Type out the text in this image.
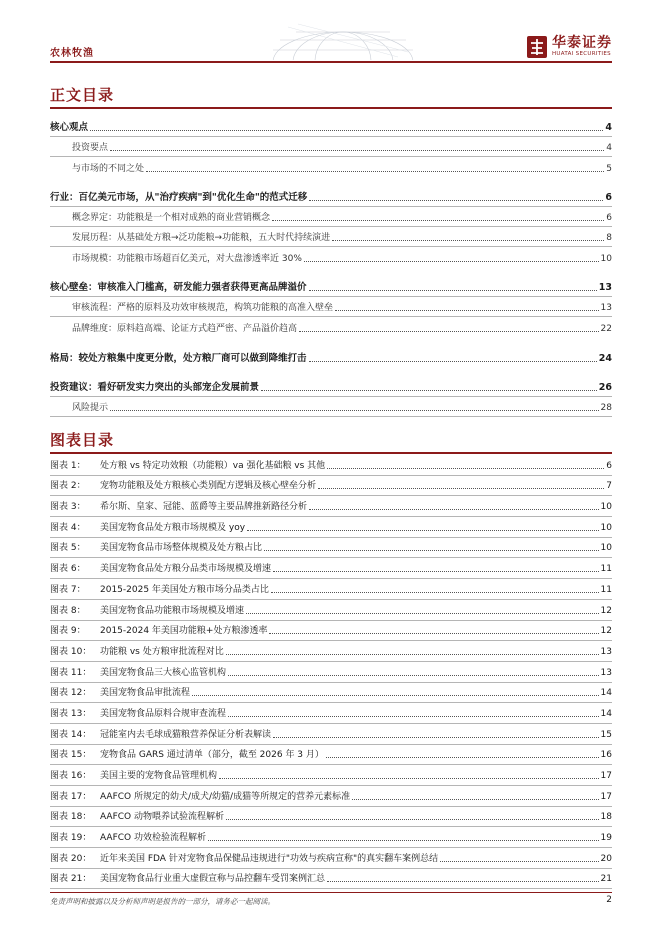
农林牧渔
华泰证券
HUATAI SECURITIES
正文目录
核心观点	4
投资要点	4
与市场的不同之处	5
行业：百亿美元市场，从"治疗疾病"到"优化生命"的范式迁移	6
概念界定：功能粮是一个相对成熟的商业营销概念	6
发展历程：从基础处方粮→泛功能粮→功能粮，五大时代持续演进	8
市场规模：功能粮市场超百亿美元，对大盘渗透率近 30%	10
核心壁垒：审核准入门槛高，研发能力强者获得更高品牌溢价	13
审核流程：严格的原料及功效审核规范，构筑功能粮的高准入壁垒	13
品牌维度：原料趋高端、论证方式趋严密、产品溢价趋高	22
格局：较处方粮集中度更分散，处方粮厂商可以做到降维打击	24
投资建议：看好研发实力突出的头部宠企发展前景	26
风险提示	28
图表目录
图表 1：	处方粮 vs 特定功效粮（功能粮）va 强化基础粮 vs 其他	6
图表 2：	宠物功能粮及处方粮核心类别配方逻辑及核心壁垒分析	7
图表 3：	希尔斯、皇家、冠能、蓝爵等主要品牌推新路径分析	10
图表 4：	美国宠物食品处方粮市场规模及 yoy	10
图表 5：	美国宠物食品市场整体规模及处方粮占比	10
图表 6：	美国宠物食品处方粮分品类市场规模及增速	11
图表 7：	2015-2025 年美国处方粮市场分品类占比	11
图表 8：	美国宠物食品功能粮市场规模及增速	12
图表 9：	2015-2024 年美国功能粮+处方粮渗透率	12
图表 10： 功能粮 vs 处方粮审批流程对比	13
图表 11： 美国宠物食品三大核心监管机构	13
图表 12： 美国宠物食品审批流程	14
图表 13： 美国宠物食品原料合规审查流程	14
图表 14： 冠能室内去毛球成猫粮营养保证分析表解读	15
图表 15： 宠物食品 GARS 通过清单（部分，截至 2026 年 3 月）	16
图表 16： 美国主要的宠物食品管理机构	17
图表 17： AAFCO 所规定的幼犬/成犬/幼猫/成猫等所规定的营养元素标准	17
图表 18： AAFCO 动物喂养试验流程解析	18
图表 19： AAFCO 功效检验流程解析	19
图表 20： 近年来美国 FDA 针对宠物食品保健品违规进行"功效与疾病宣称"的真实翻车案例总结	20
图表 21： 美国宠物食品行业重大虚假宣称与品控翻车受罚案例汇总	21
免责声明和披露以及分析师声明是报告的一部分，请务必一起阅读。	2
